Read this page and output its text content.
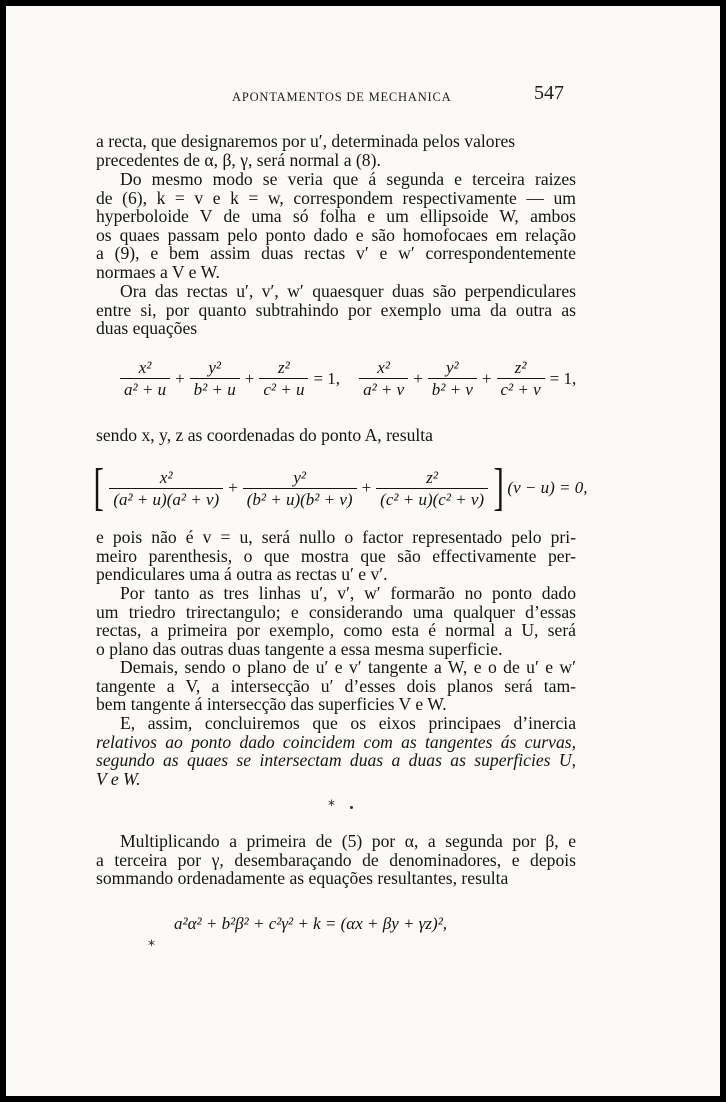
APONTAMENTOS DE MECHANICA	547
a recta, que designaremos por u′, determinada pelos valores
precedentes de α, β, γ, será normal a (8).
Do mesmo modo se veria que á segunda e terceira raizes
de (6), k = v e k = w, correspondem respectivamente — um
hyperboloide V de uma só folha e um ellipsoide W, ambos
os quaes passam pelo ponto dado e são homofocaes em relação
a (9), e bem assim duas rectas v′ e w′ correspondentemente
normaes a V e W.
Ora das rectas u′, v′, w′ quaesquer duas são perpendiculares
entre si, por quanto subtrahindo por exemplo uma da outra as
duas equações
$\frac{\text{x²}}{\text{a² + u}} + \frac{\text{y²}}{\text{b² + u}} + \frac{\text{z²}}{\text{c² + u}} = 1$, $\frac{\text{x²}}{\text{a² + v}} + \frac{\text{y²}}{\text{b² + v}} + \frac{\text{z²}}{\text{c² + v}} = 1$,
sendo x, y, z as coordenadas do ponto A, resulta
[ $\frac{\text{x²}}{\text{(a² + u)(a² + v)}} + \frac{\text{y²}}{\text{(b² + u)(b² + v)}} + \frac{\text{z²}}{\text{(c² + u)(c² + v)}}$ ] (v − u) = 0,
e pois não é v = u, será nullo o factor representado pelo pri-
meiro parenthesis, o que mostra que são effectivamente per-
pendiculares uma á outra as rectas u′ e v′.
Por tanto as tres linhas u′, v′, w′ formarão no ponto dado
um triedro trirectangulo; e considerando uma qualquer d’essas
rectas, a primeira por exemplo, como esta é normal a U, será
o plano das outras duas tangente a essa mesma superficie.
Demais, sendo o plano de u′ e v′ tangente a W, e o de u′ e w′
tangente a V, a intersecção u′ d’esses dois planos será tam-
bem tangente á intersecção das superficies V e W.
E, assim, concluiremos que os eixos principaes d’inercia
relativos ao ponto dado coincidem com as tangentes ás curvas,
segundo as quaes se intersectam duas a duas as superficies U,
V e W.
*
Multiplicando a primeira de (5) por α, a segunda por β, e
a terceira por γ, desembaraçando de denominadores, e depois
sommando ordenadamente as equações resultantes, resulta
a²α² + b²β² + c²γ² + k = (αx + βy + γz)²,
*
